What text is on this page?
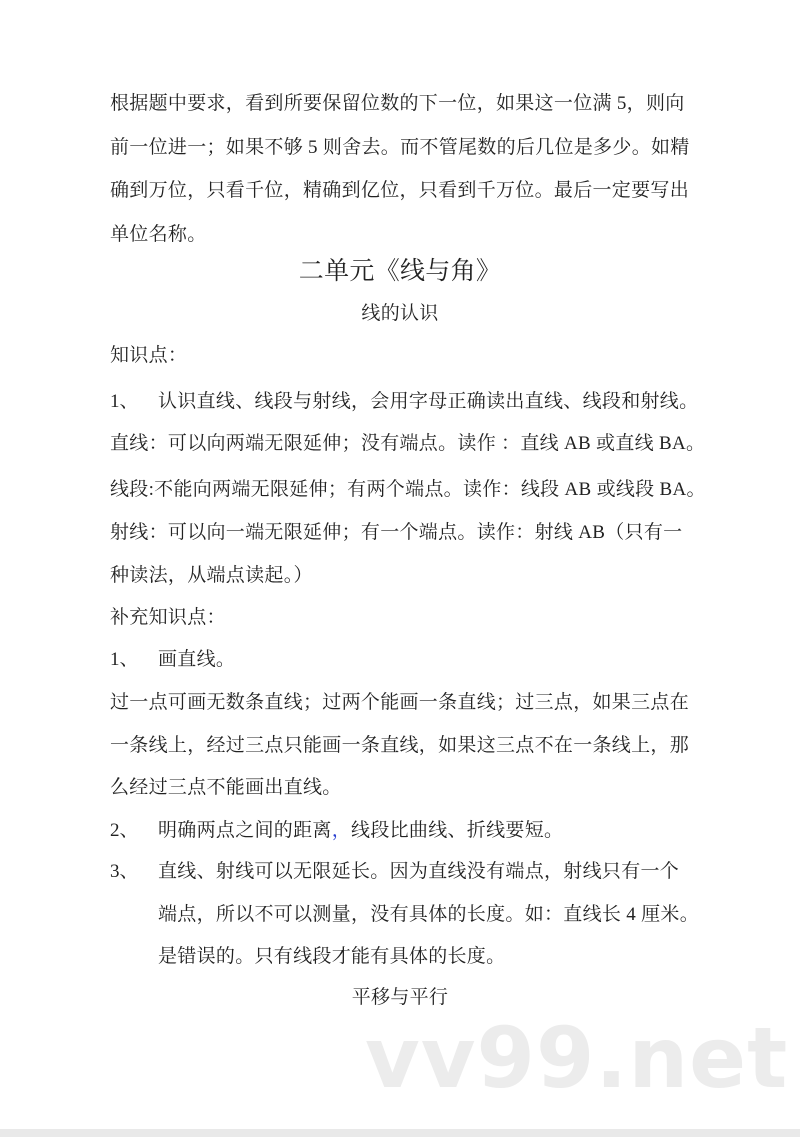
根据题中要求，看到所要保留位数的下一位，如果这一位满 5，则向
前一位进一；如果不够 5 则舍去。而不管尾数的后几位是多少。如精
确到万位，只看千位，精确到亿位，只看到千万位。最后一定要写出
单位名称。
二单元《线与角》
线的认识
知识点：
1、	认识直线、线段与射线，会用字母正确读出直线、线段和射线。
直线：可以向两端无限延伸；没有端点。读作 ：直线 AB 或直线 BA。
线段:不能向两端无限延伸；有两个端点。读作：线段 AB 或线段 BA。
射线：可以向一端无限延伸；有一个端点。读作：射线 AB（只有一
种读法，从端点读起。）
补充知识点：
1、	画直线。
过一点可画无数条直线；过两个能画一条直线；过三点，如果三点在
一条线上，经过三点只能画一条直线，如果这三点不在一条线上，那
么经过三点不能画出直线。
2、	明确两点之间的距离，线段比曲线、折线要短。
3、	直线、射线可以无限延长。因为直线没有端点，射线只有一个
端点，所以不可以测量，没有具体的长度。如：直线长 4 厘米。
是错误的。只有线段才能有具体的长度。
平移与平行
vv99.net
